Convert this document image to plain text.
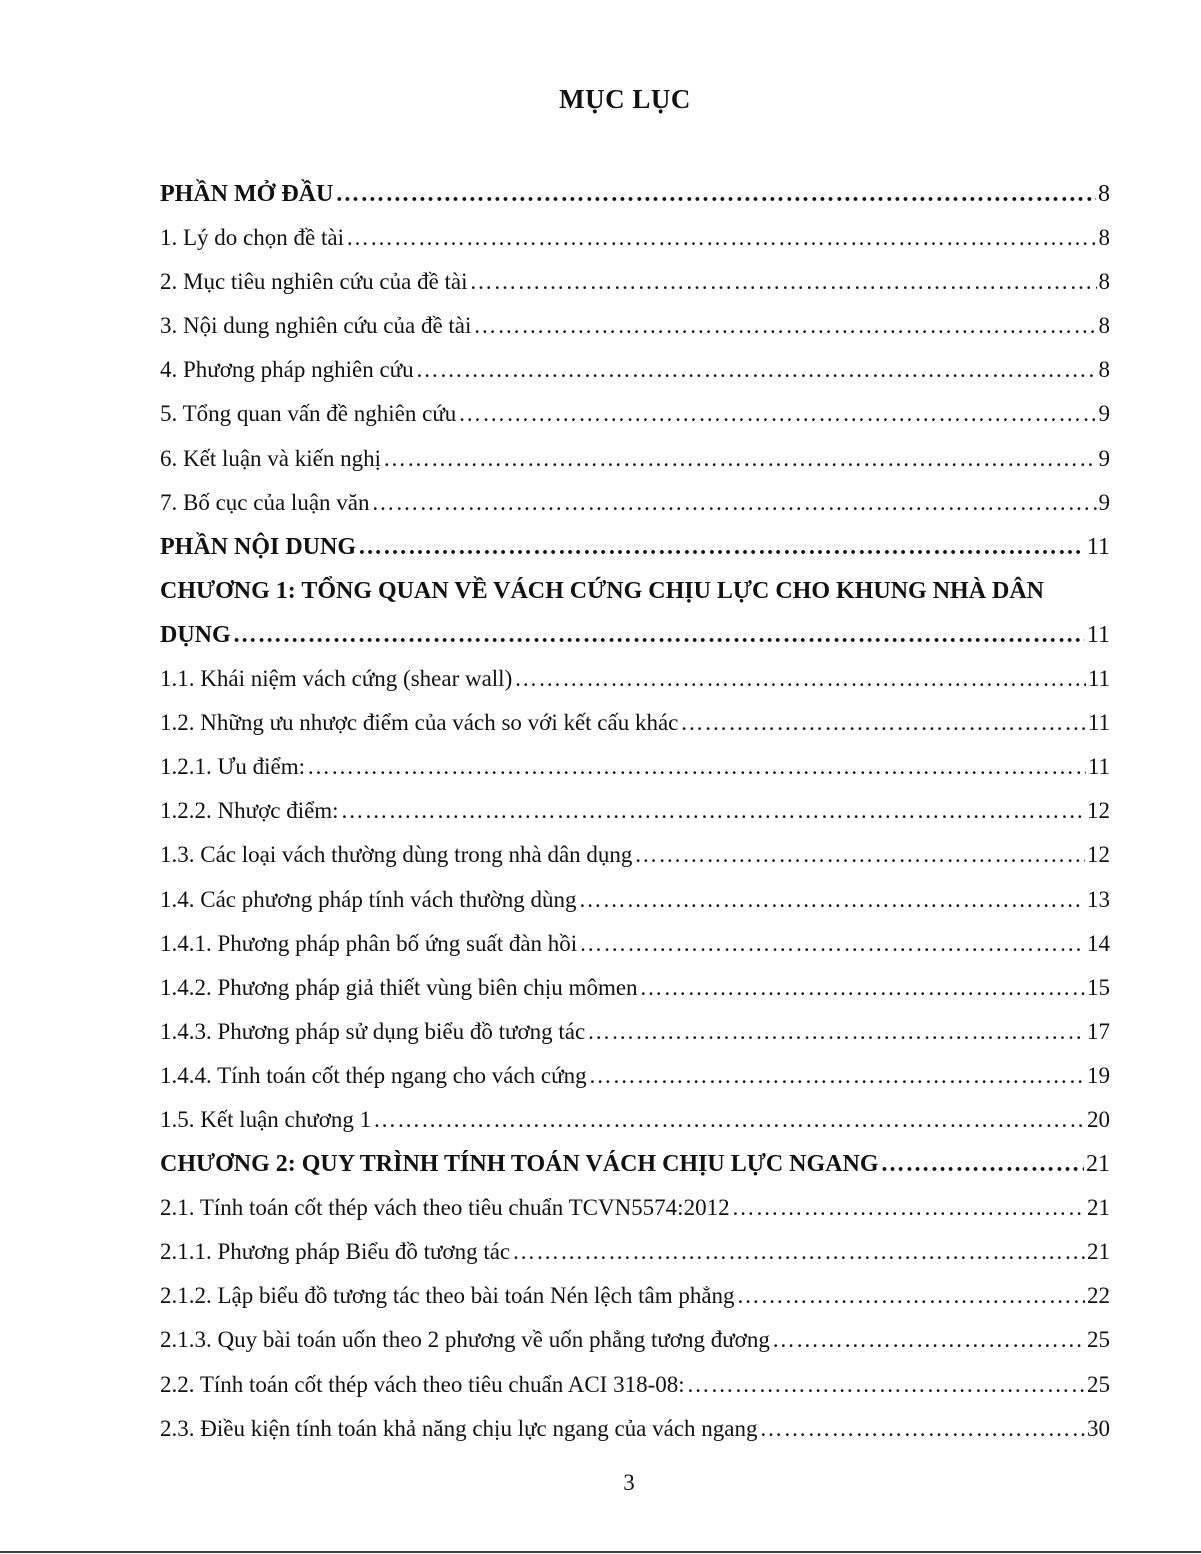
MỤC LỤC
PHẦN MỞ ĐẦU …………………………………………………………………………………………………………………………………………………………………………………………………………………………	8
1. Lý do chọn đề tài …………………………………………………………………………………………………………………………………………………………………………………………………………………………	8
2. Mục tiêu nghiên cứu của đề tài …………………………………………………………………………………………………………………………………………………………………………………………………………………………	8
3. Nội dung nghiên cứu của đề tài …………………………………………………………………………………………………………………………………………………………………………………………………………………………	8
4. Phương pháp nghiên cứu …………………………………………………………………………………………………………………………………………………………………………………………………………………………	8
5. Tổng quan vấn đề nghiên cứu …………………………………………………………………………………………………………………………………………………………………………………………………………………………	9
6. Kết luận và kiến nghị …………………………………………………………………………………………………………………………………………………………………………………………………………………………	9
7. Bố cục của luận văn …………………………………………………………………………………………………………………………………………………………………………………………………………………………	9
PHẦN NỘI DUNG …………………………………………………………………………………………………………………………………………………………………………………………………………………………	11
CHƯƠNG 1: TỔNG QUAN VỀ VÁCH CỨNG CHỊU LỰC CHO KHUNG NHÀ DÂN
DỤNG …………………………………………………………………………………………………………………………………………………………………………………………………………………………	11
1.1. Khái niệm vách cứng (shear wall) …………………………………………………………………………………………………………………………………………………………………………………………………………………………	11
1.2. Những ưu nhược điểm của vách so với kết cấu khác …………………………………………………………………………………………………………………………………………………………………………………………………………………………	11
1.2.1. Ưu điểm: …………………………………………………………………………………………………………………………………………………………………………………………………………………………	11
1.2.2. Nhược điểm: …………………………………………………………………………………………………………………………………………………………………………………………………………………………	12
1.3. Các loại vách thường dùng trong nhà dân dụng …………………………………………………………………………………………………………………………………………………………………………………………………………………………	12
1.4. Các phương pháp tính vách thường dùng …………………………………………………………………………………………………………………………………………………………………………………………………………………………	13
1.4.1. Phương pháp phân bố ứng suất đàn hồi …………………………………………………………………………………………………………………………………………………………………………………………………………………………	14
1.4.2. Phương pháp giả thiết vùng biên chịu mômen …………………………………………………………………………………………………………………………………………………………………………………………………………………………	15
1.4.3. Phương pháp sử dụng biểu đồ tương tác …………………………………………………………………………………………………………………………………………………………………………………………………………………………	17
1.4.4. Tính toán cốt thép ngang cho vách cứng …………………………………………………………………………………………………………………………………………………………………………………………………………………………	19
1.5. Kết luận chương 1 …………………………………………………………………………………………………………………………………………………………………………………………………………………………	20
CHƯƠNG 2: QUY TRÌNH TÍNH TOÁN VÁCH CHỊU LỰC NGANG …………………………………………………………………………………………………………………………………………………………………………………………………………………………	21
2.1. Tính toán cốt thép vách theo tiêu chuẩn TCVN5574:2012 …………………………………………………………………………………………………………………………………………………………………………………………………………………………	21
2.1.1. Phương pháp Biểu đồ tương tác …………………………………………………………………………………………………………………………………………………………………………………………………………………………	21
2.1.2. Lập biểu đồ tương tác theo bài toán Nén lệch tâm phẳng …………………………………………………………………………………………………………………………………………………………………………………………………………………………	22
2.1.3. Quy bài toán uốn theo 2 phương về uốn phẳng tương đương …………………………………………………………………………………………………………………………………………………………………………………………………………………………	25
2.2. Tính toán cốt thép vách theo tiêu chuẩn ACI 318-08: …………………………………………………………………………………………………………………………………………………………………………………………………………………………	25
2.3. Điều kiện tính toán khả năng chịu lực ngang của vách ngang …………………………………………………………………………………………………………………………………………………………………………………………………………………………	30
3
